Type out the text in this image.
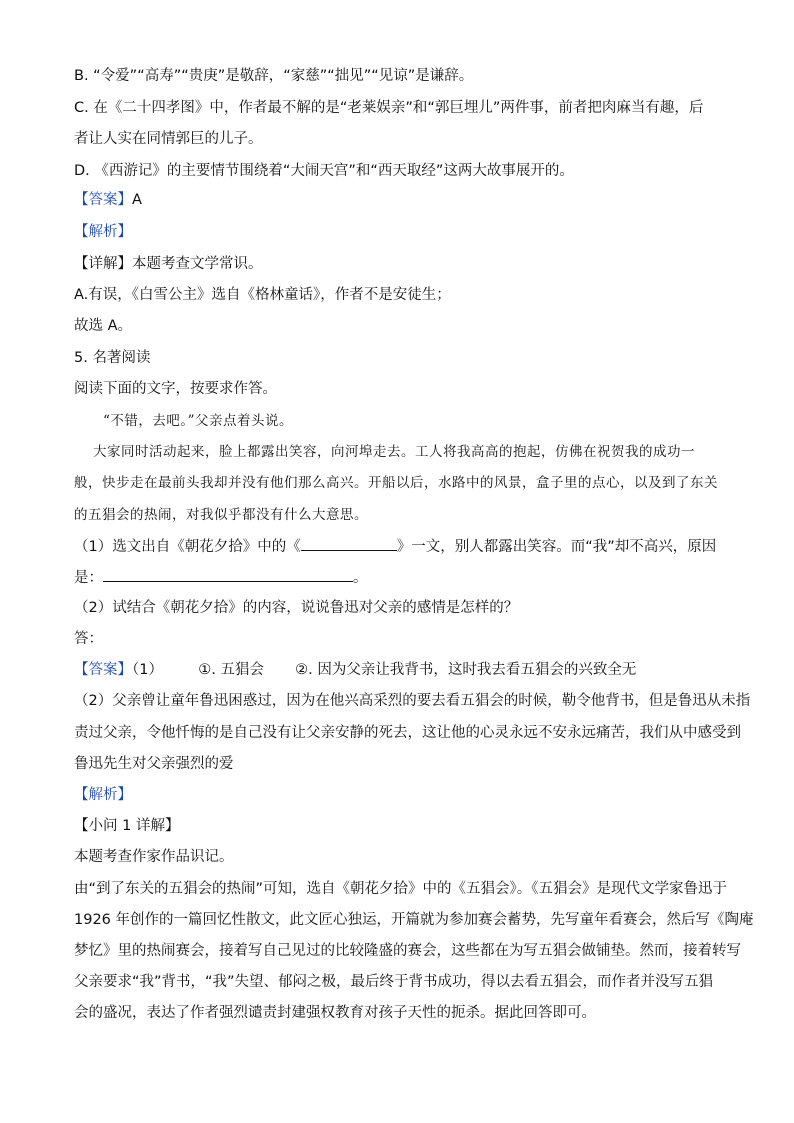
B. “令爱”“高寿”“贵庚”是敬辞，“家慈”“拙见”“见谅”是谦辞。
C. 在《二十四孝图》中，作者最不解的是“老莱娱亲”和“郭巨埋儿”两件事，前者把肉麻当有趣，后
者让人实在同情郭巨的儿子。
D. 《西游记》的主要情节围绕着“大闹天宫”和“西天取经”这两大故事展开的。
【答案】A
【解析】
【详解】本题考查文学常识。
A.有误，《白雪公主》选自《格林童话》，作者不是安徒生；
故选 A。
5. 名著阅读
阅读下面的文字，按要求作答。
“不错，去吧。”父亲点着头说。
大家同时活动起来，脸上都露出笑容，向河埠走去。工人将我高高的抱起，仿佛在祝贺我的成功一
般，快步走在最前头我却并没有他们那么高兴。开船以后，水路中的风景，盒子里的点心，以及到了东关
的五猖会的热闹，对我似乎都没有什么大意思。
（1）选文出自《朝花夕拾》中的《	》一文，别人都露出笑容。而“我”却不高兴，原因
是：	。
（2）试结合《朝花夕拾》的内容，说说鲁迅对父亲的感情是怎样的？
答：
【答案】（1） ①. 五猖会 ②. 因为父亲让我背书，这时我去看五猖会的兴致全无
（2）父亲曾让童年鲁迅困惑过，因为在他兴高采烈的要去看五猖会的时候，勒令他背书，但是鲁迅从未指
责过父亲，令他忏悔的是自己没有让父亲安静的死去，这让他的心灵永远不安永远痛苦，我们从中感受到
鲁迅先生对父亲强烈的爱
【解析】
【小问 1 详解】
本题考查作家作品识记。
由“到了东关的五猖会的热闹”可知，选自《朝花夕拾》中的《五猖会》。《五猖会》是现代文学家鲁迅于
1926 年创作的一篇回忆性散文，此文匠心独运，开篇就为参加赛会蓄势，先写童年看赛会，然后写《陶庵
梦忆》里的热闹赛会，接着写自己见过的比较隆盛的赛会，这些都在为写五猖会做铺垫。然而，接着转写
父亲要求“我”背书，“我”失望、郁闷之极，最后终于背书成功，得以去看五猖会，而作者并没写五猖
会的盛况，表达了作者强烈谴责封建强权教育对孩子天性的扼杀。据此回答即可。
